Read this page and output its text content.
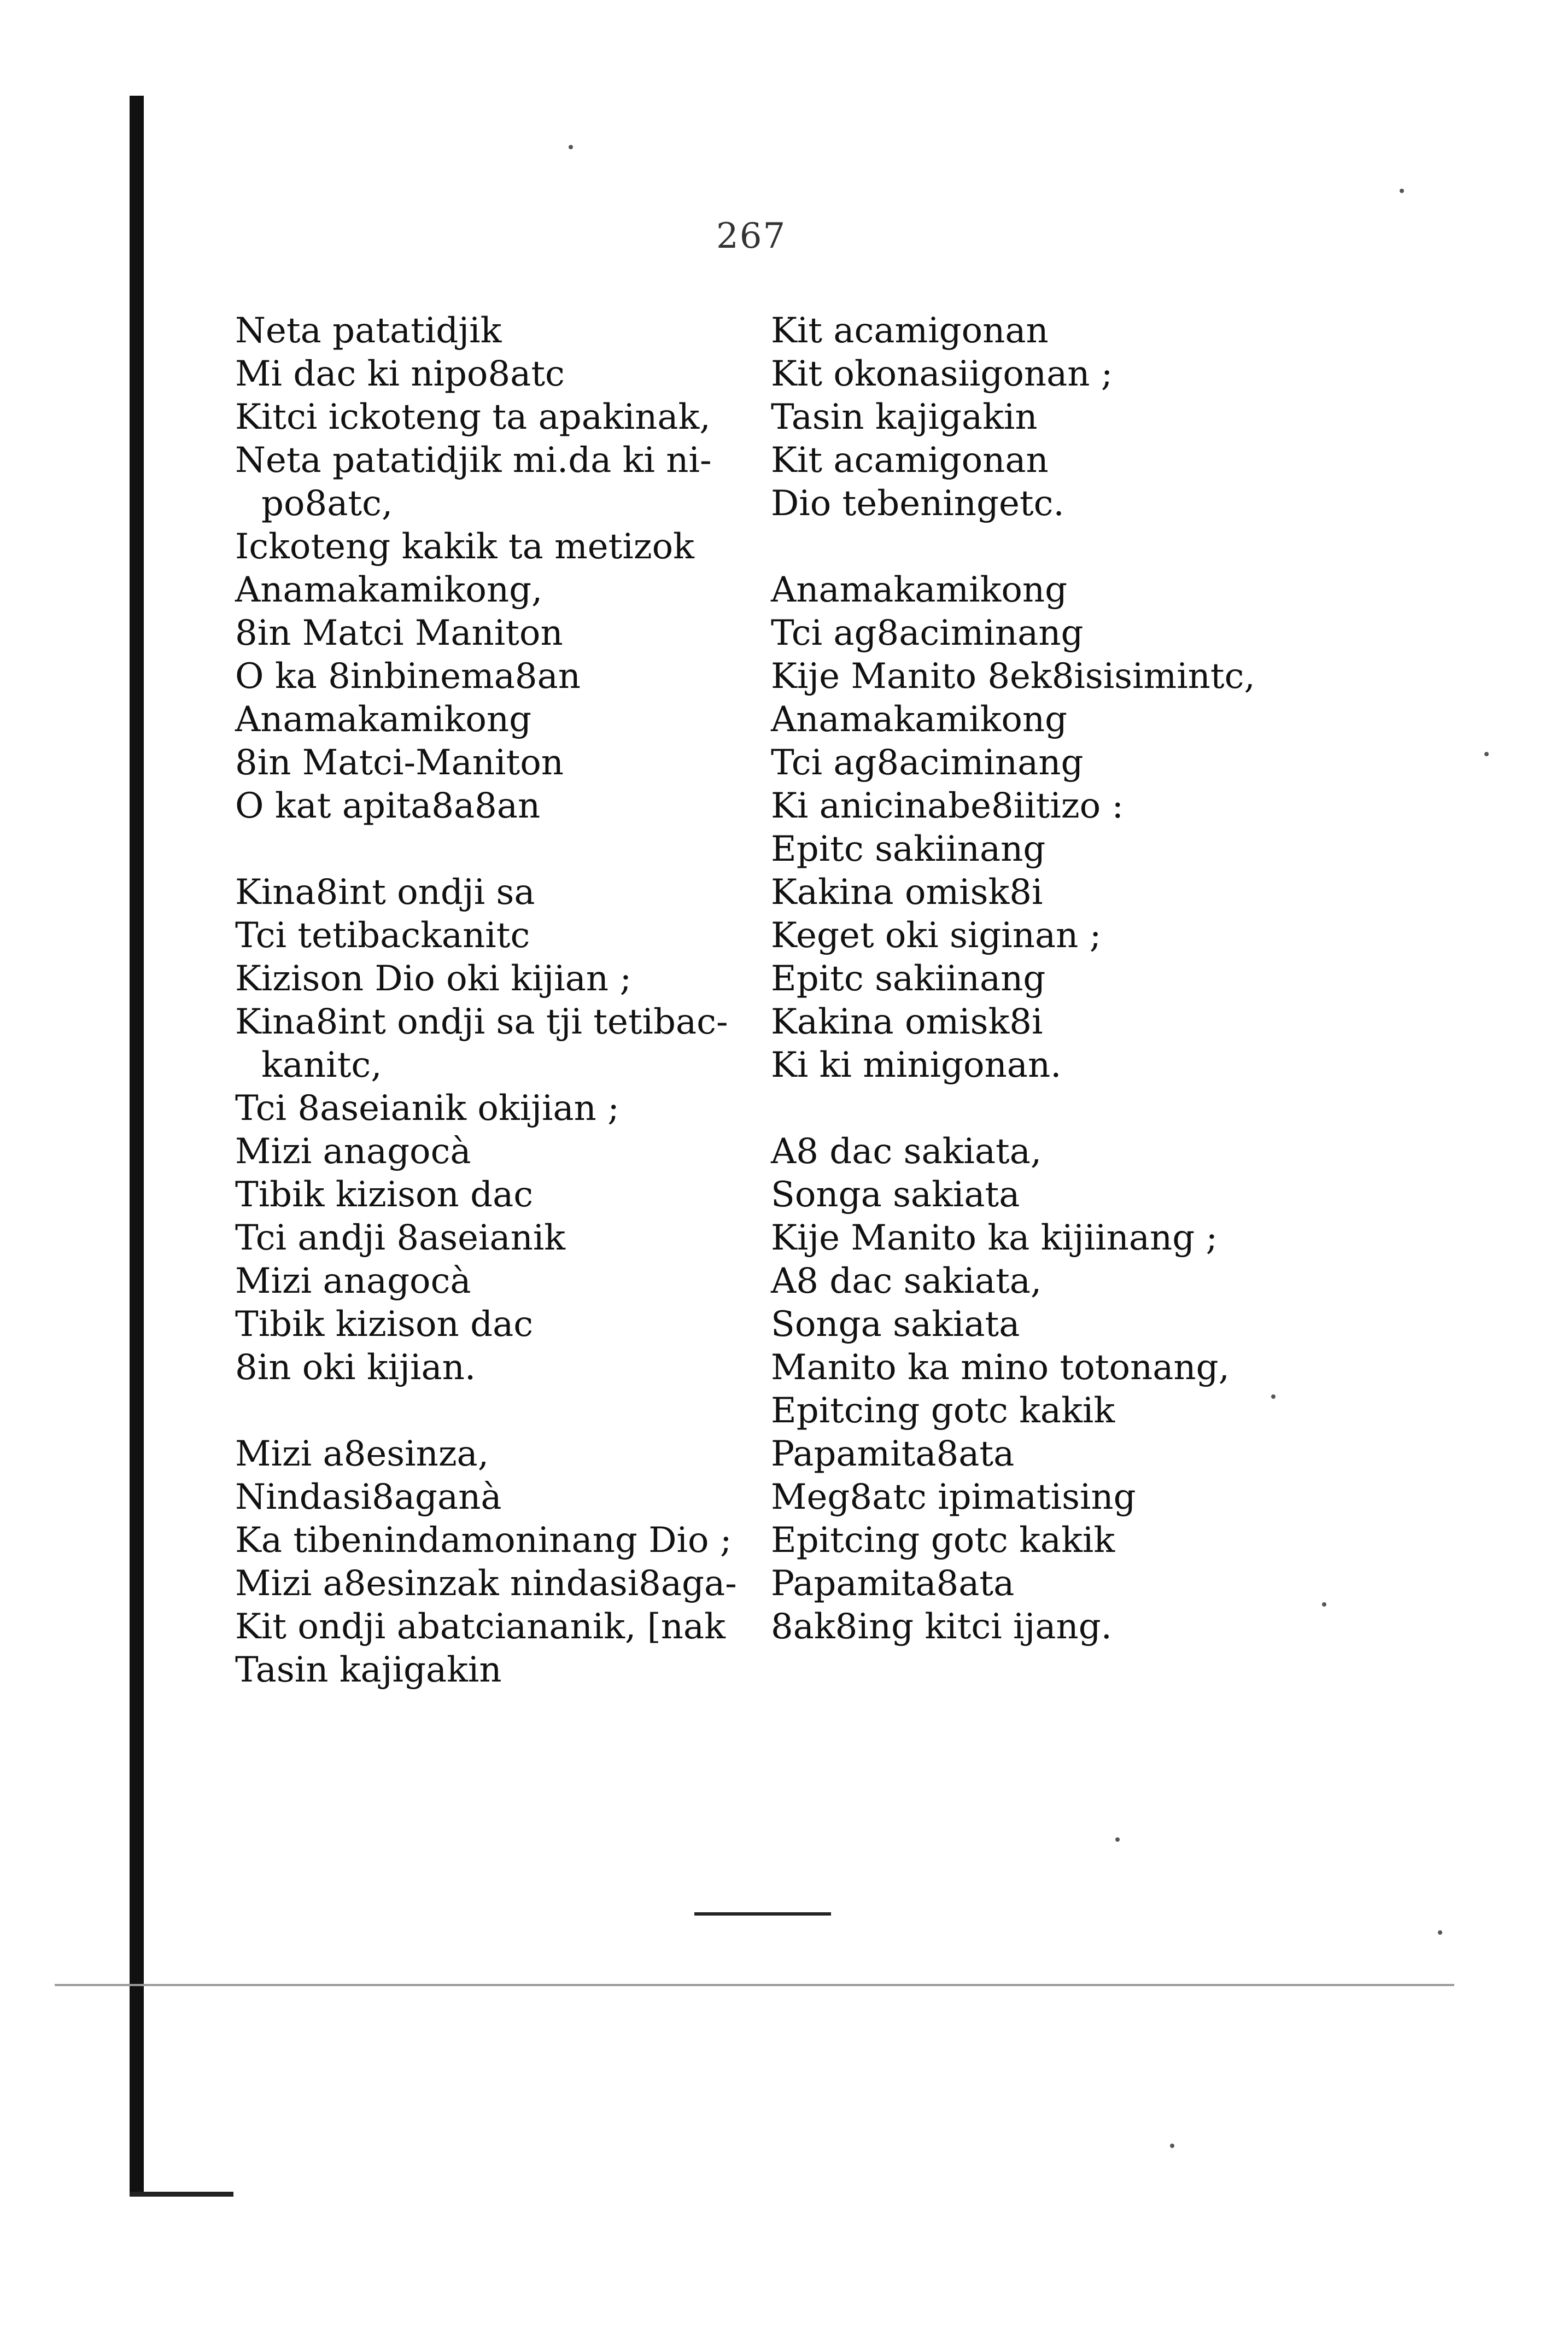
267
Neta patatidjik
Mi dac ki nipo8atc
Kitci ickoteng ta apakinak,
Neta patatidjik mi.da ki ni-
po8atc,
Ickoteng kakik ta metizok
Anamakamikong,
8in Matci Maniton
O ka 8inbinema8an
Anamakamikong
8in Matci-Maniton
O kat apita8a8an
Kina8int ondji sa
Tci tetibackanitc
Kizison Dio oki kijian ;
Kina8int ondji sa tji tetibac-
kanitc,
Tci 8aseianik okijian ;
Mizi anagocà
Tibik kizison dac
Tci andji 8aseianik
Mizi anagocà
Tibik kizison dac
8in oki kijian.
Mizi a8esinza,
Nindasi8aganà
Ka tibenindamoninang Dio ;
Mizi a8esinzak nindasi8aga-
Kit ondji abatciananik, [nak
Tasin kajigakin
Kit acamigonan
Kit okonasiigonan ;
Tasin kajigakin
Kit acamigonan
Dio tebeningetc.
Anamakamikong
Tci ag8aciminang
Kije Manito 8ek8isisimintc,
Anamakamikong
Tci ag8aciminang
Ki anicinabe8iitizo :
Epitc sakiinang
Kakina omisk8i
Keget oki siginan ;
Epitc sakiinang
Kakina omisk8i
Ki ki minigonan.
A8 dac sakiata,
Songa sakiata
Kije Manito ka kijiinang ;
A8 dac sakiata,
Songa sakiata
Manito ka mino totonang,
Epitcing gotc kakik
Papamita8ata
Meg8atc ipimatising
Epitcing gotc kakik
Papamita8ata
8ak8ing kitci ijang.
